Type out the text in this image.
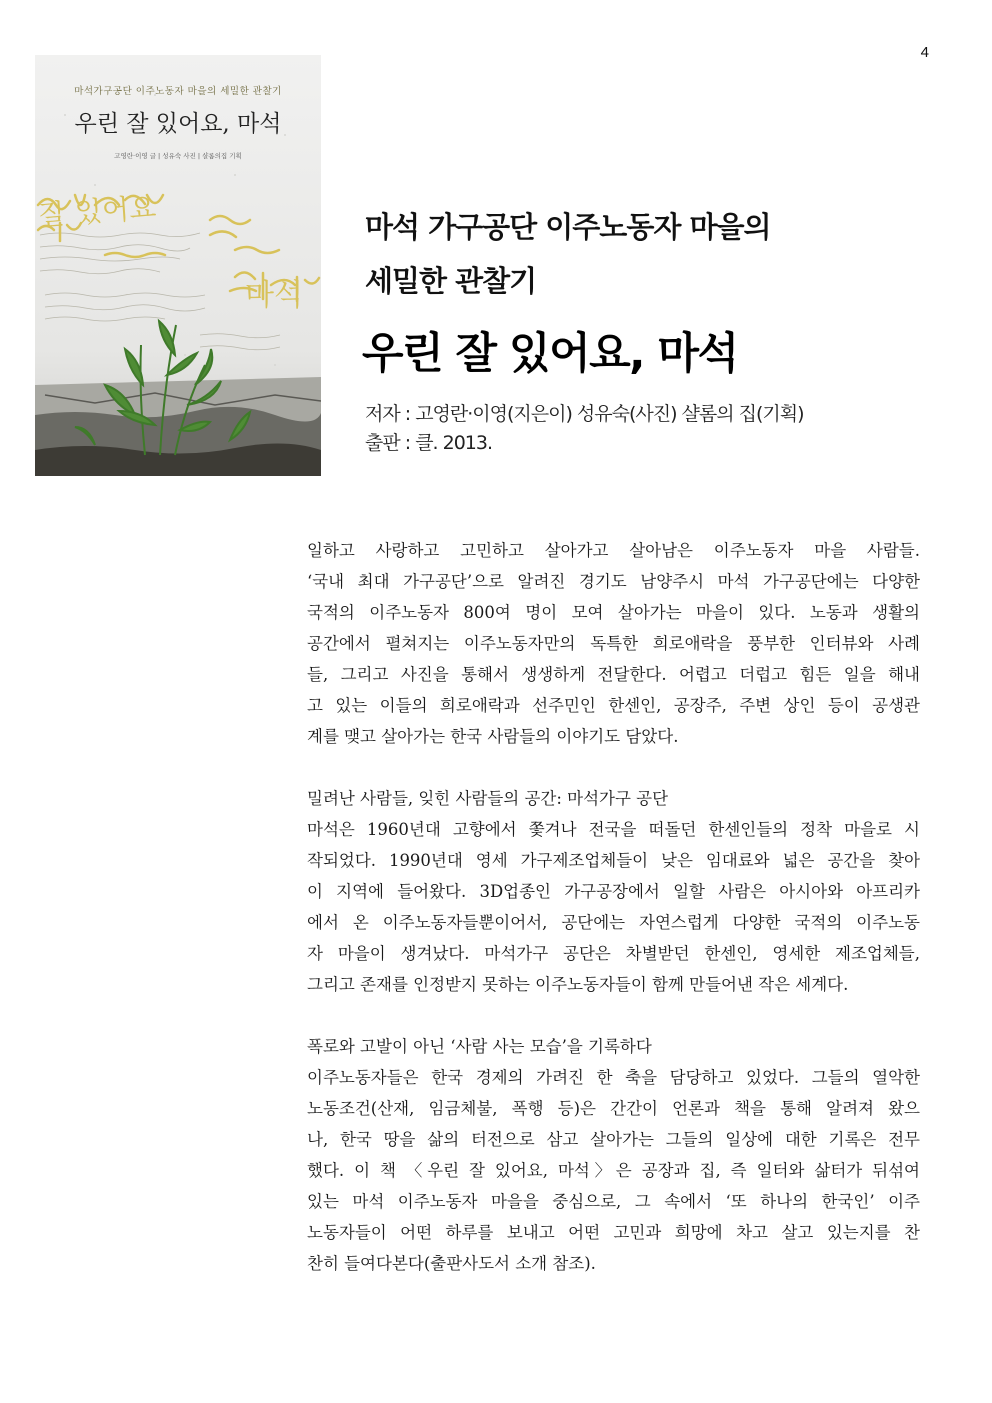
4
마석가구공단 이주노동자 마을의 세밀한 관찰기
우린 잘 있어요, 마석
고영란·이영 글 | 성유숙 사진 | 샬롬의집 기획
잘 있어요
마석
마석 가구공단 이주노동자 마을의
세밀한 관찰기
우린 잘 있어요, 마석
저자 : 고영란·이영(지은이) 성유숙(사진) 샬롬의 집(기획)
출판 : 클. 2013.
일하고 사랑하고 고민하고 살아가고 살아남은 이주노동자 마을 사람들.
‘국내 최대 가구공단’으로 알려진 경기도 남양주시 마석 가구공단에는 다양한
국적의 이주노동자 800여 명이 모여 살아가는 마을이 있다. 노동과 생활의
공간에서 펼쳐지는 이주노동자만의 독특한 희로애락을 풍부한 인터뷰와 사례
들, 그리고 사진을 통해서 생생하게 전달한다. 어렵고 더럽고 힘든 일을 해내
고 있는 이들의 희로애락과 선주민인 한센인, 공장주, 주변 상인 등이 공생관
계를 맺고 살아가는 한국 사람들의 이야기도 담았다.
밀려난 사람들, 잊힌 사람들의 공간: 마석가구 공단
마석은 1960년대 고향에서 쫓겨나 전국을 떠돌던 한센인들의 정착 마을로 시
작되었다. 1990년대 영세 가구제조업체들이 낮은 임대료와 넓은 공간을 찾아
이 지역에 들어왔다. 3D업종인 가구공장에서 일할 사람은 아시아와 아프리카
에서 온 이주노동자들뿐이어서, 공단에는 자연스럽게 다양한 국적의 이주노동
자 마을이 생겨났다. 마석가구 공단은 차별받던 한센인, 영세한 제조업체들,
그리고 존재를 인정받지 못하는 이주노동자들이 함께 만들어낸 작은 세계다.
폭로와 고발이 아닌 ‘사람 사는 모습’을 기록하다
이주노동자들은 한국 경제의 가려진 한 축을 담당하고 있었다. 그들의 열악한
노동조건(산재, 임금체불, 폭행 등)은 간간이 언론과 책을 통해 알려져 왔으
나, 한국 땅을 삶의 터전으로 삼고 살아가는 그들의 일상에 대한 기록은 전무
했다. 이 책 〈우린 잘 있어요, 마석〉은 공장과 집, 즉 일터와 삶터가 뒤섞여
있는 마석 이주노동자 마을을 중심으로, 그 속에서 ‘또 하나의 한국인’ 이주
노동자들이 어떤 하루를 보내고 어떤 고민과 희망에 차고 살고 있는지를 찬
찬히 들여다본다(출판사도서 소개 참조).
